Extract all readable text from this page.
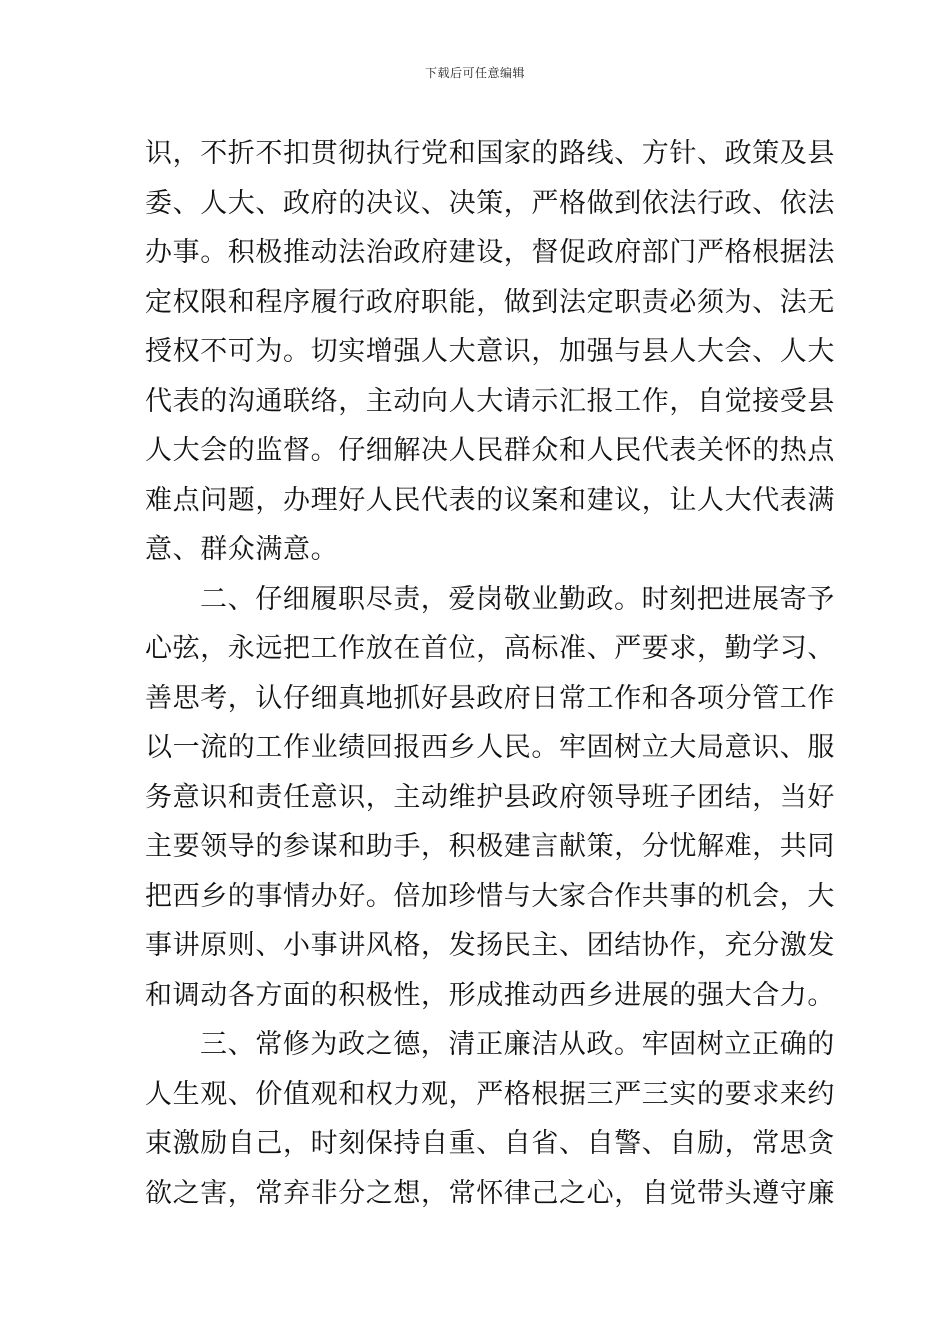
下载后可任意编辑
识，不折不扣贯彻执行党和国家的路线、方针、政策及县
委、人大、政府的决议、决策，严格做到依法行政、依法
办事。积极推动法治政府建设，督促政府部门严格根据法
定权限和程序履行政府职能，做到法定职责必须为、法无
授权不可为。切实增强人大意识，加强与县人大会、人大
代表的沟通联络，主动向人大请示汇报工作，自觉接受县
人大会的监督。仔细解决人民群众和人民代表关怀的热点
难点问题，办理好人民代表的议案和建议，让人大代表满
意、群众满意。
二、仔细履职尽责，爱岗敬业勤政。时刻把进展寄予
心弦，永远把工作放在首位，高标准、严要求，勤学习、
善思考，认仔细真地抓好县政府日常工作和各项分管工作
以一流的工作业绩回报西乡人民。牢固树立大局意识、服
务意识和责任意识，主动维护县政府领导班子团结，当好
主要领导的参谋和助手，积极建言献策，分忧解难，共同
把西乡的事情办好。倍加珍惜与大家合作共事的机会，大
事讲原则、小事讲风格，发扬民主、团结协作，充分激发
和调动各方面的积极性，形成推动西乡进展的强大合力。
三、常修为政之德，清正廉洁从政。牢固树立正确的
人生观、价值观和权力观，严格根据三严三实的要求来约
束激励自己，时刻保持自重、自省、自警、自励，常思贪
欲之害，常弃非分之想，常怀律己之心，自觉带头遵守廉
